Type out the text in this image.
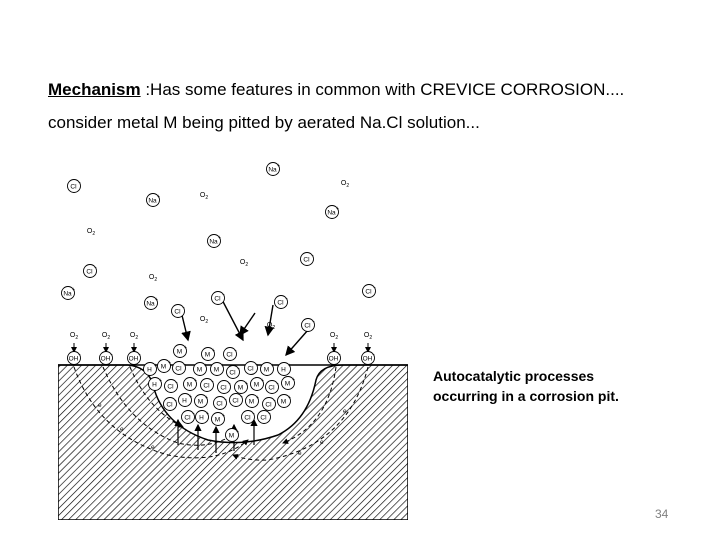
Mechanism :Has some features in common with CREVICE CORROSION....
consider metal M being pitted by aerated Na.Cl solution...
Cl
−
Na
+
Na
+
$O_2$
$O_2$
Na
+
$O_2$
Na
+
Cl
−
$O_2$
Cl
−
$O_2$
Na
+	Cl
−
Na
+	Cl
−
Cl
−
$O_2$
Cl
−
$O_2$	Cl
−
$O_2$
OH
−
$O_2$
OH
−
$O_2$
OH
−
$O_2$
OH
−
$O_2$
OH
−
M
+
M
+
Cl
−
H
+ M
+
Cl
−
M
+
M
+
Cl
− Cl
−
M
+
H
+
H
+
Cl
− M
+
Cl
−
Cl
−
M
+ M
+
Cl
− M
+
Cl
− H
+
M
+
Cl
− Cl
−
M
+
Cl
− M
+
Cl
−
H
+
M
+
M
+
Cl
−
Cl
−
e
e
e
e
e
e
Autocatalytic processes
occurring in a corrosion pit.
34
